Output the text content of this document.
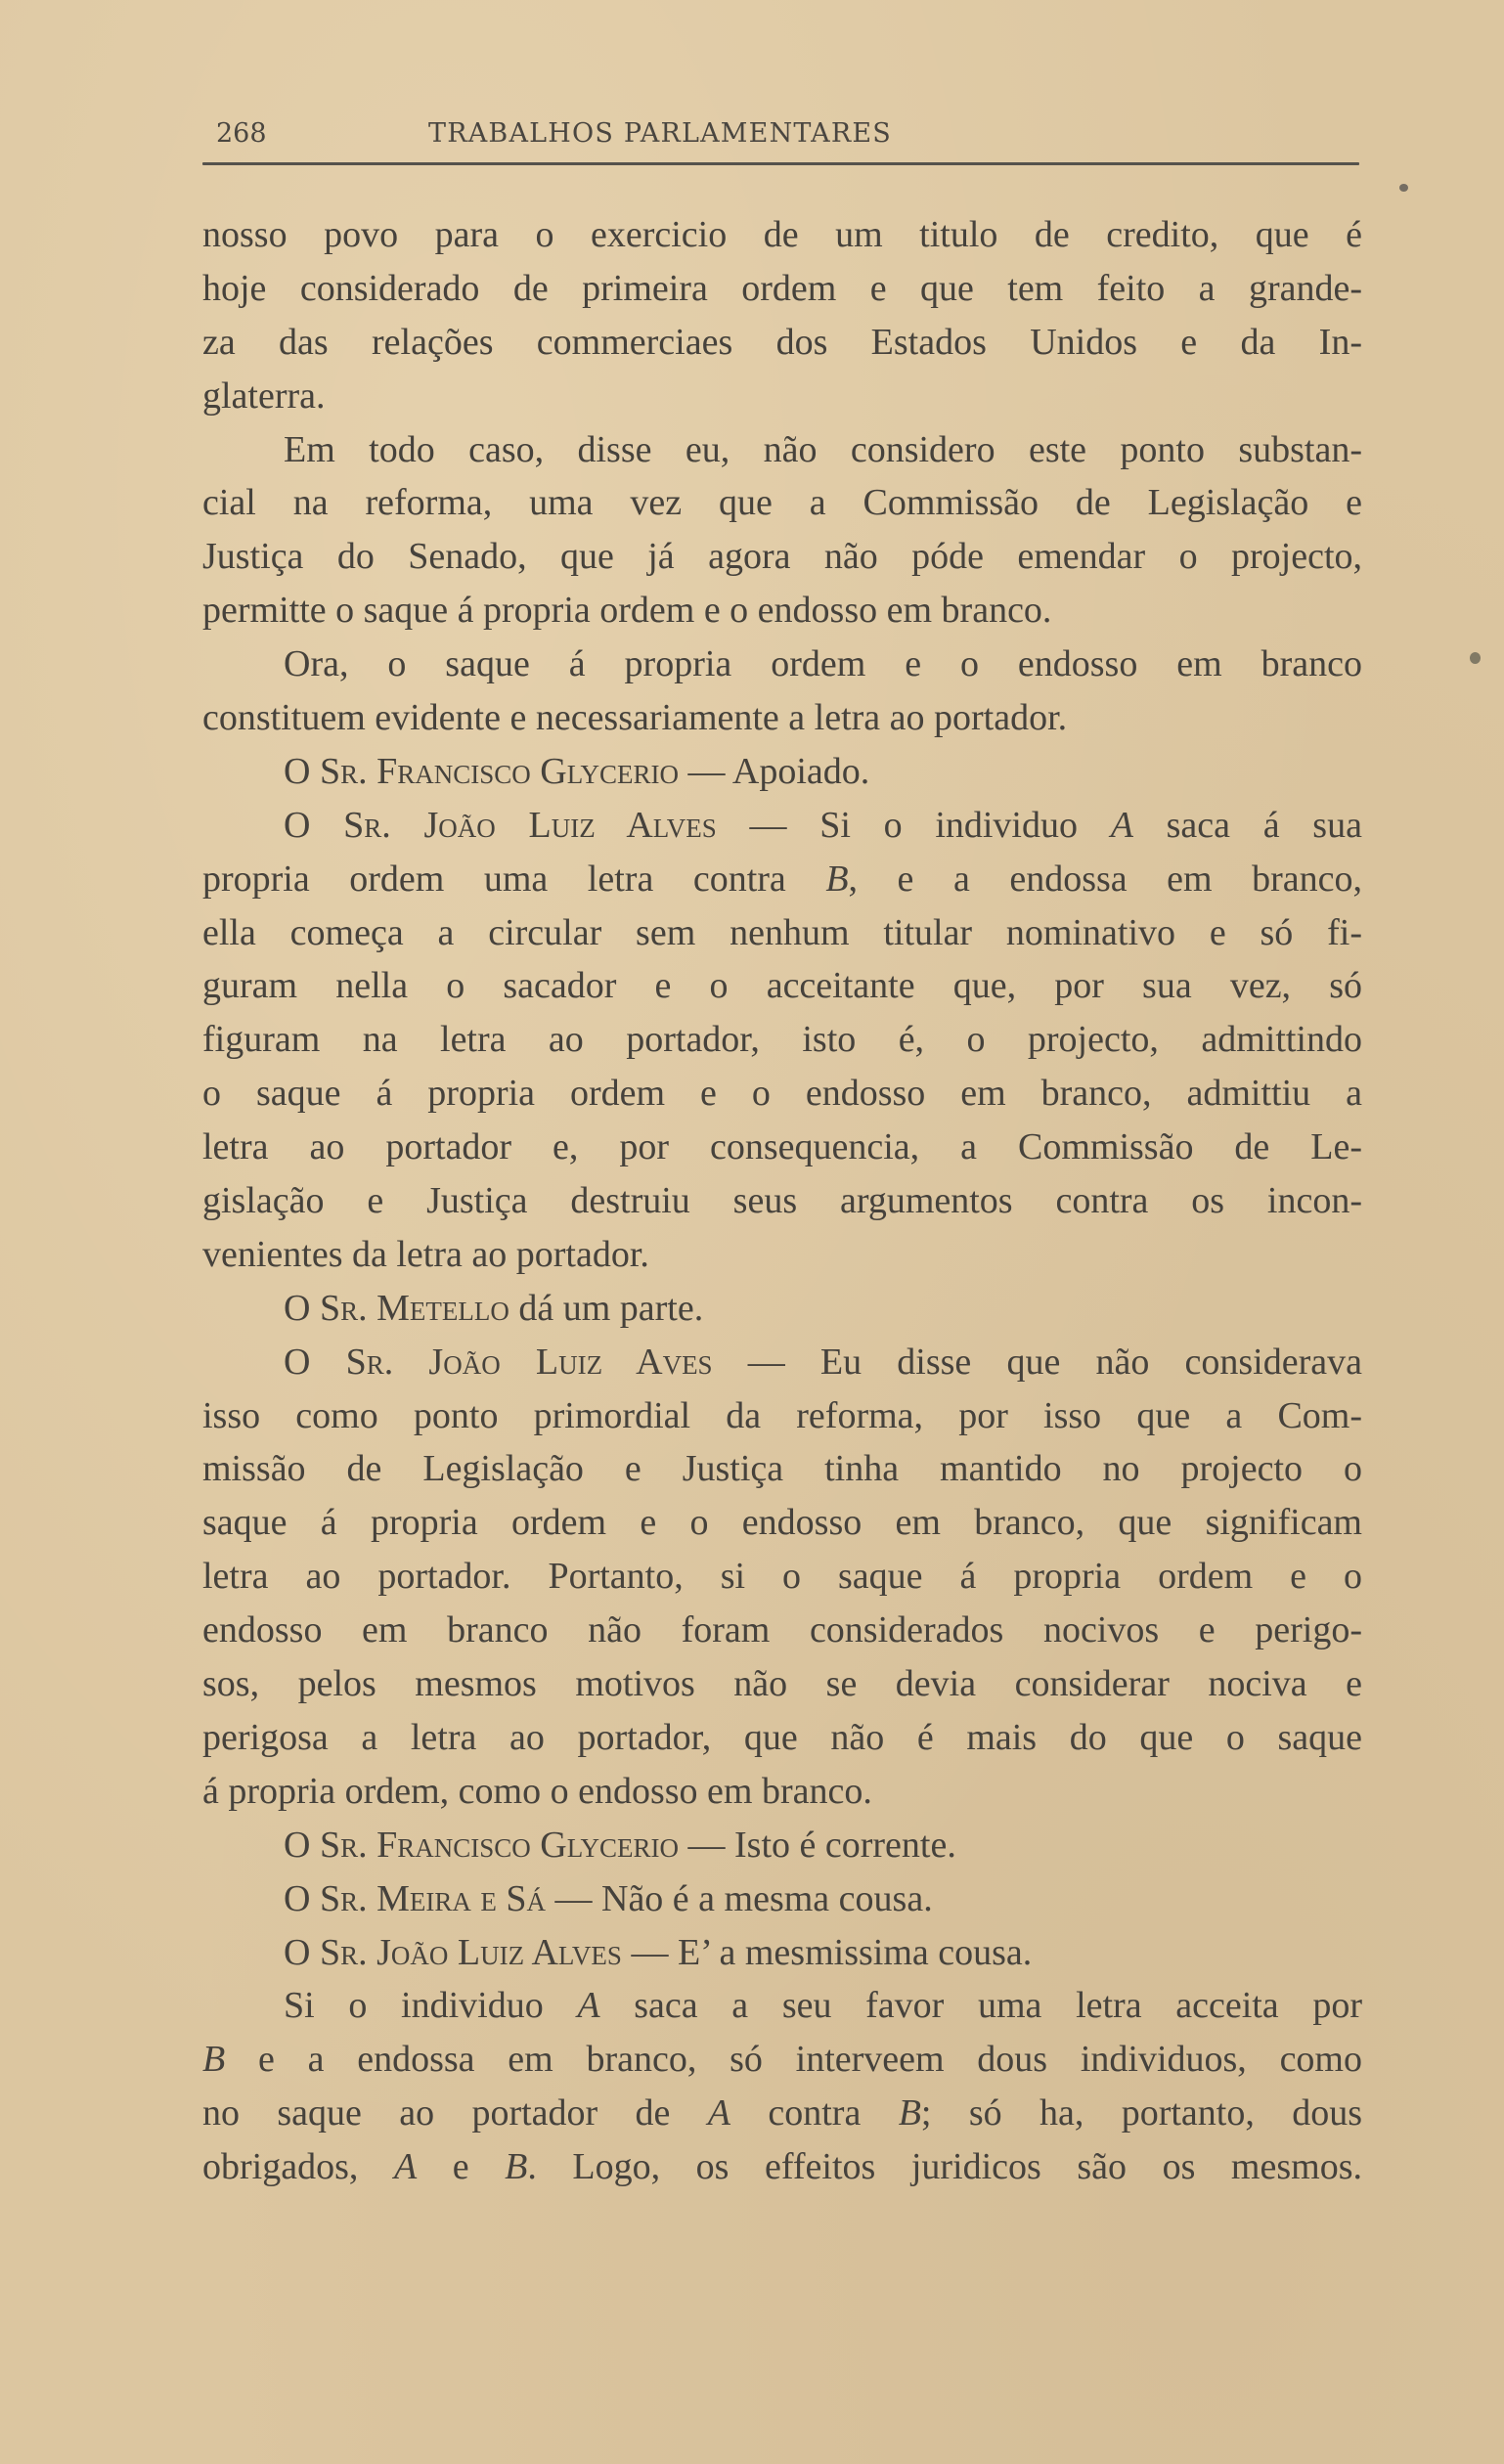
268	TRABALHOS PARLAMENTARES
nosso povo para o exercicio de um titulo de credito, que é
hoje considerado de primeira ordem e que tem feito a grande-
za das relações commerciaes dos Estados Unidos e da In-
glaterra.
Em todo caso, disse eu, não considero este ponto substan-
cial na reforma, uma vez que a Commissão de Legislação e
Justiça do Senado, que já agora não póde emendar o projecto,
permitte o saque á propria ordem e o endosso em branco.
Ora, o saque á propria ordem e o endosso em branco
constituem evidente e necessariamente a letra ao portador.
O Sr. Francisco Glycerio — Apoiado.
O Sr. João Luiz Alves — Si o individuo A saca á sua
propria ordem uma letra contra B, e a endossa em branco,
ella começa a circular sem nenhum titular nominativo e só fi-
guram nella o sacador e o acceitante que, por sua vez, só
figuram na letra ao portador, isto é, o projecto, admittindo
o saque á propria ordem e o endosso em branco, admittiu a
letra ao portador e, por consequencia, a Commissão de Le-
gislação e Justiça destruiu seus argumentos contra os incon-
venientes da letra ao portador.
O Sr. Metello dá um parte.
O Sr. João Luiz Aves — Eu disse que não considerava
isso como ponto primordial da reforma, por isso que a Com-
missão de Legislação e Justiça tinha mantido no projecto o
saque á propria ordem e o endosso em branco, que significam
letra ao portador. Portanto, si o saque á propria ordem e o
endosso em branco não foram considerados nocivos e perigo-
sos, pelos mesmos motivos não se devia considerar nociva e
perigosa a letra ao portador, que não é mais do que o saque
á propria ordem, como o endosso em branco.
O Sr. Francisco Glycerio — Isto é corrente.
O Sr. Meira e Sá — Não é a mesma cousa.
O Sr. João Luiz Alves — E’ a mesmissima cousa.
Si o individuo A saca a seu favor uma letra acceita por
B e a endossa em branco, só interveem dous individuos, como
no saque ao portador de A contra B; só ha, portanto, dous
obrigados, A e B. Logo, os effeitos juridicos são os mesmos.
